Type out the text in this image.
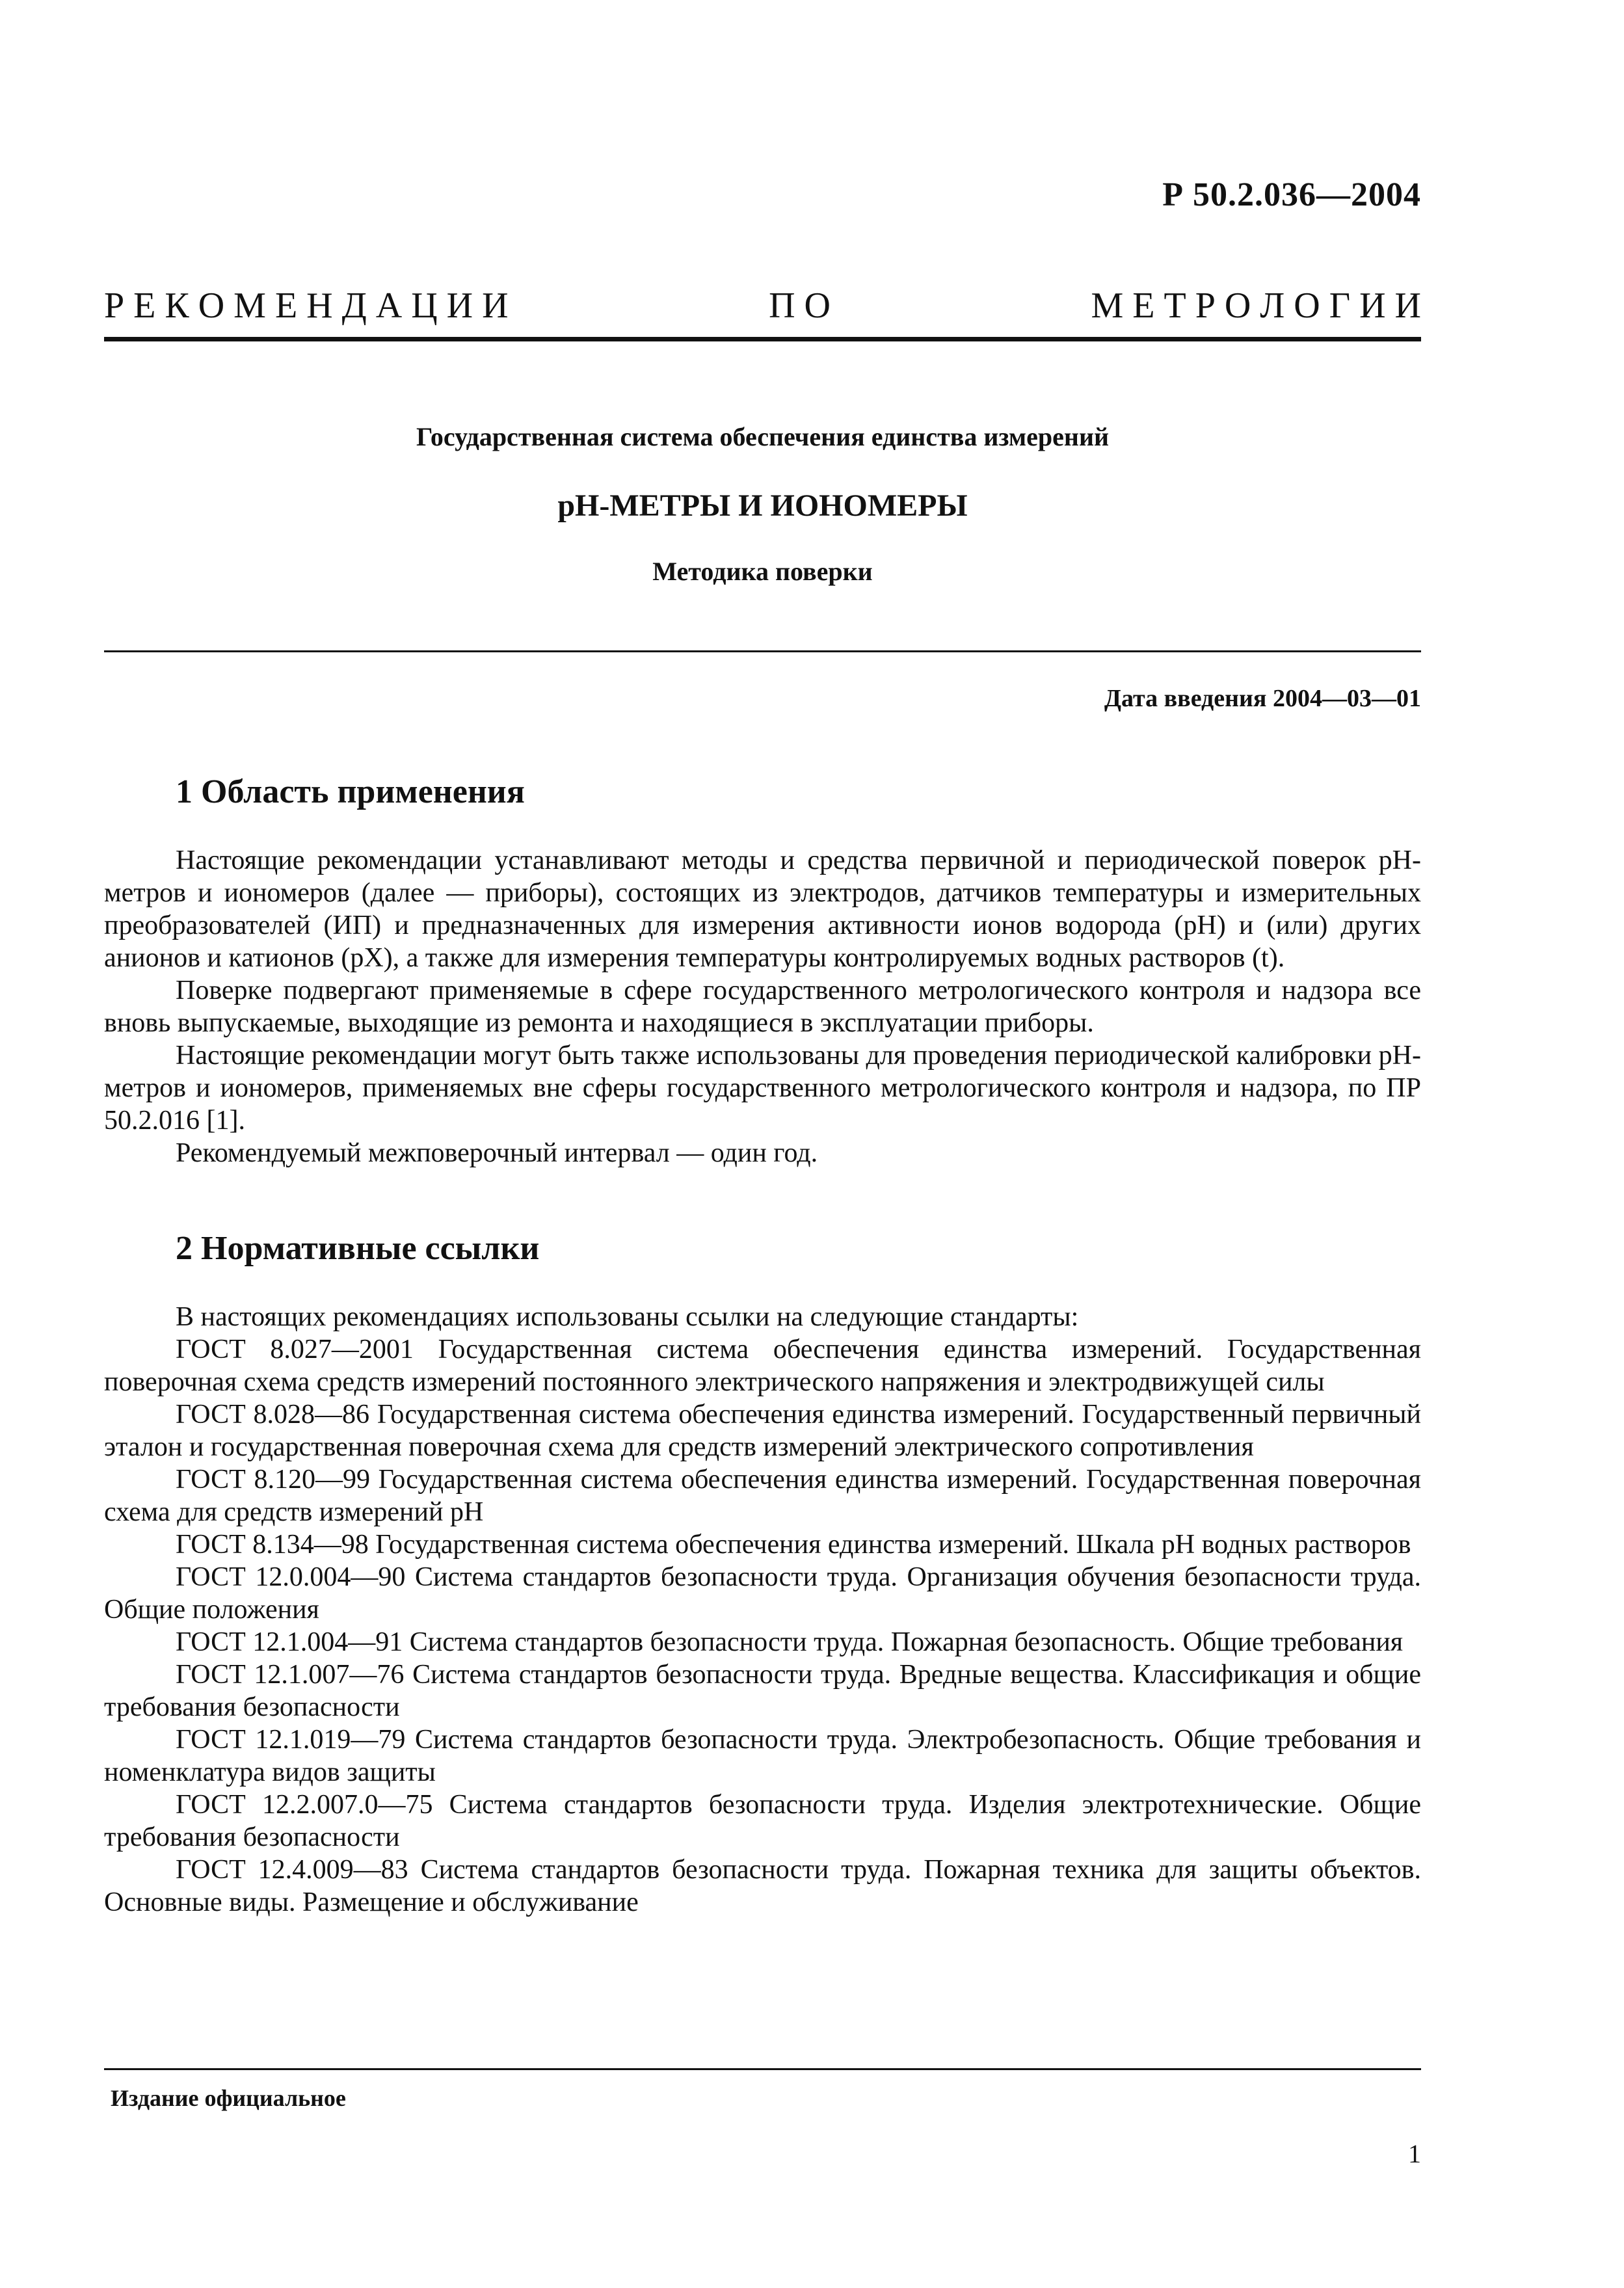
Р 50.2.036—2004
Р Е К О М Е Н Д А Ц И И	П О	М Е Т Р О Л О Г И И
Государственная система обеспечения единства измерений
рН-МЕТРЫ И ИОНОМЕРЫ
Методика поверки
Дата введения 2004—03—01
1 Область применения

Настоящие рекомендации устанавливают методы и средства первичной и периодической поверок рН-метров и иономеров (далее — приборы), состоящих из электродов, датчиков температуры и измерительных преобразователей (ИП) и предназначенных для измерения активности ионов водорода (рН) и (или) других анионов и катионов (рХ), а также для измерения температуры контролируемых водных растворов (t).

Поверке подвергают применяемые в сфере государственного метрологического контроля и надзора все вновь выпускаемые, выходящие из ремонта и находящиеся в эксплуатации приборы.

Настоящие рекомендации могут быть также использованы для проведения периодической калибровки рН-метров и иономеров, применяемых вне сферы государственного метрологического контроля и надзора, по ПР 50.2.016 [1].

Рекомендуемый межповерочный интервал — один год.

2 Нормативные ссылки

В настоящих рекомендациях использованы ссылки на следующие стандарты:

ГОСТ 8.027—2001 Государственная система обеспечения единства измерений. Государственная поверочная схема средств измерений постоянного электрического напряжения и электродвижущей силы

ГОСТ 8.028—86 Государственная система обеспечения единства измерений. Государственный первичный эталон и государственная поверочная схема для средств измерений электрического сопротивления

ГОСТ 8.120—99 Государственная система обеспечения единства измерений. Государственная поверочная схема для средств измерений рН

ГОСТ 8.134—98 Государственная система обеспечения единства измерений. Шкала рН водных растворов

ГОСТ 12.0.004—90 Система стандартов безопасности труда. Организация обучения безопасности труда. Общие положения

ГОСТ 12.1.004—91 Система стандартов безопасности труда. Пожарная безопасность. Общие требования

ГОСТ 12.1.007—76 Система стандартов безопасности труда. Вредные вещества. Классификация и общие требования безопасности

ГОСТ 12.1.019—79 Система стандартов безопасности труда. Электробезопасность. Общие требования и номенклатура видов защиты

ГОСТ 12.2.007.0—75 Система стандартов безопасности труда. Изделия электротехнические. Общие требования безопасности

ГОСТ 12.4.009—83 Система стандартов безопасности труда. Пожарная техника для защиты объектов. Основные виды. Размещение и обслуживание

Издание официальное
1
